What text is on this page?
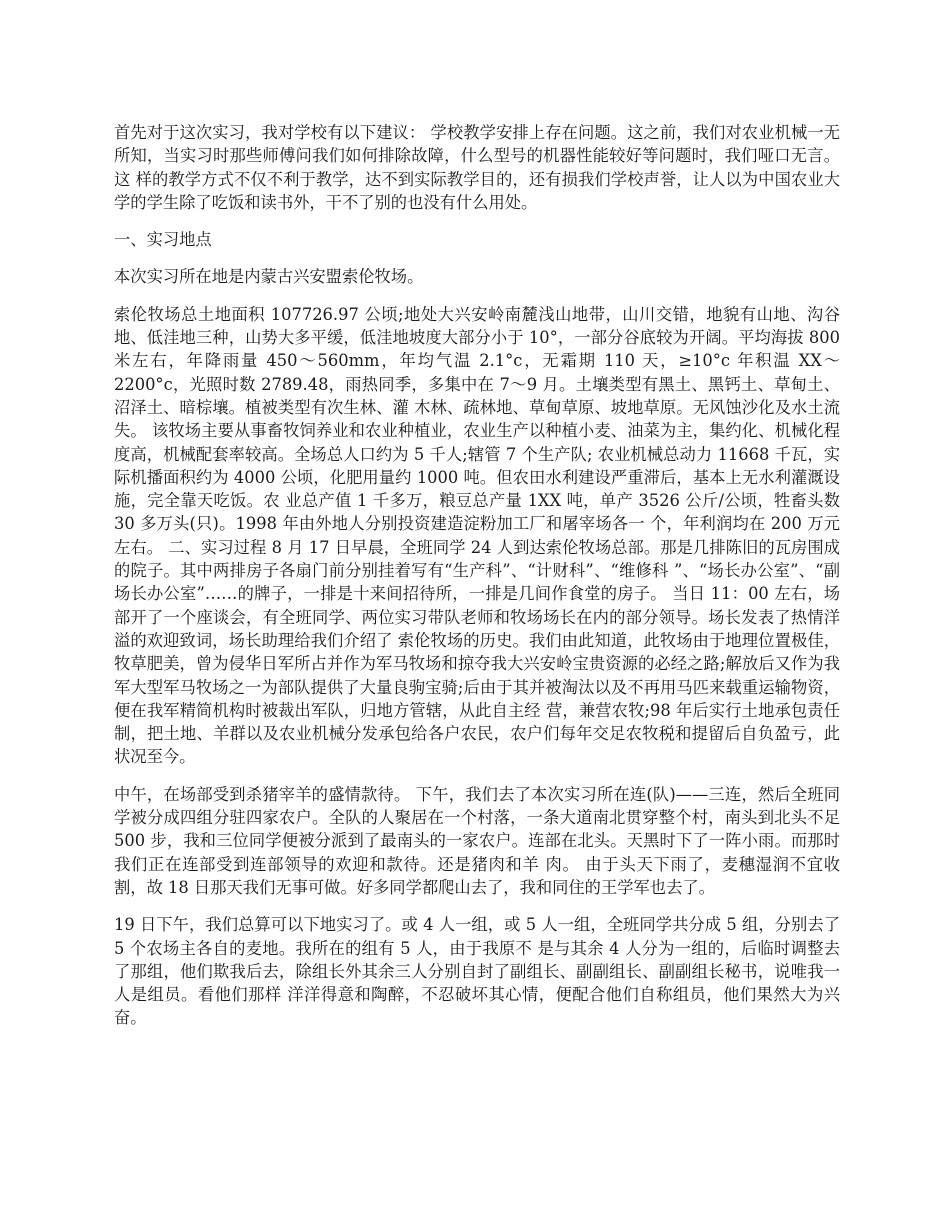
首先对于这次实习，我对学校有以下建议： 学校教学安排上存在问题。这之前，我们对农业机械一无所知，当实习时那些师傅问我们如何排除故障，什么型号的机器性能较好等问题时，我们哑口无言。这 样的教学方式不仅不利于教学，达不到实际教学目的，还有损我们学校声誉，让人以为中国农业大学的学生除了吃饭和读书外，干不了别的也没有什么用处。

一、实习地点

本次实习所在地是内蒙古兴安盟索伦牧场。

索伦牧场总土地面积 107726.97 公顷;地处大兴安岭南麓浅山地带，山川交错，地貌有山地、沟谷地、低洼地三种，山势大多平缓，低洼地坡度大部分小于 10°，一部分谷底较为开阔。平均海拔 800 米左右，年降雨量 450～560mm，年均气温 2.1°c，无霜期 110 天，≥10°c 年积温 XX～2200°c，光照时数 2789.48，雨热同季，多集中在 7～9 月。土壤类型有黑土、黑钙土、草甸土、沼泽土、暗棕壤。植被类型有次生林、灌 木林、疏林地、草甸草原、坡地草原。无风蚀沙化及水土流失。 该牧场主要从事畜牧饲养业和农业种植业，农业生产以种植小麦、油菜为主，集约化、机械化程度高，机械配套率较高。全场总人口约为 5 千人;辖管 7 个生产队; 农业机械总动力 11668 千瓦，实际机播面积约为 4000 公顷，化肥用量约 1000 吨。但农田水利建设严重滞后，基本上无水利灌溉设施，完全靠天吃饭。农 业总产值 1 千多万，粮豆总产量 1XX 吨，单产 3526 公斤/公顷，牲畜头数 30 多万头(只)。1998 年由外地人分别投资建造淀粉加工厂和屠宰场各一 个，年利润均在 200 万元左右。 二、实习过程 8 月 17 日早晨，全班同学 24 人到达索伦牧场总部。那是几排陈旧的瓦房围成的院子。其中两排房子各扇门前分别挂着写有“生产科”、“计财科”、“维修科 ”、“场长办公室”、“副场长办公室”……的牌子，一排是十来间招待所，一排是几间作食堂的房子。 当日 11：00 左右，场部开了一个座谈会，有全班同学、两位实习带队老师和牧场场长在内的部分领导。场长发表了热情洋溢的欢迎致词，场长助理给我们介绍了 索伦牧场的历史。我们由此知道，此牧场由于地理位置极佳，牧草肥美，曾为侵华日军所占并作为军马牧场和掠夺我大兴安岭宝贵资源的必经之路;解放后又作为我 军大型军马牧场之一为部队提供了大量良驹宝骑;后由于其并被淘汰以及不再用马匹来载重运输物资，便在我军精简机构时被裁出军队，归地方管辖，从此自主经 营，兼营农牧;98 年后实行土地承包责任制，把土地、羊群以及农业机械分发承包给各户农民，农户们每年交足农牧税和提留后自负盈亏，此状况至今。

中午，在场部受到杀猪宰羊的盛情款待。 下午，我们去了本次实习所在连(队)——三连，然后全班同学被分成四组分驻四家农户。全队的人聚居在一个村落，一条大道南北贯穿整个村，南头到北头不足 500 步，我和三位同学便被分派到了最南头的一家农户。连部在北头。天黑时下了一阵小雨。而那时我们正在连部受到连部领导的欢迎和款待。还是猪肉和羊 肉。 由于头天下雨了，麦穗湿润不宜收割，故 18 日那天我们无事可做。好多同学都爬山去了，我和同住的王学军也去了。

19 日下午，我们总算可以下地实习了。或 4 人一组，或 5 人一组，全班同学共分成 5 组，分别去了 5 个农场主各自的麦地。我所在的组有 5 人，由于我原不 是与其余 4 人分为一组的，后临时调整去了那组，他们欺我后去，除组长外其余三人分别自封了副组长、副副组长、副副组长秘书，说唯我一人是组员。看他们那样 洋洋得意和陶醉，不忍破坏其心情，便配合他们自称组员，他们果然大为兴奋。
